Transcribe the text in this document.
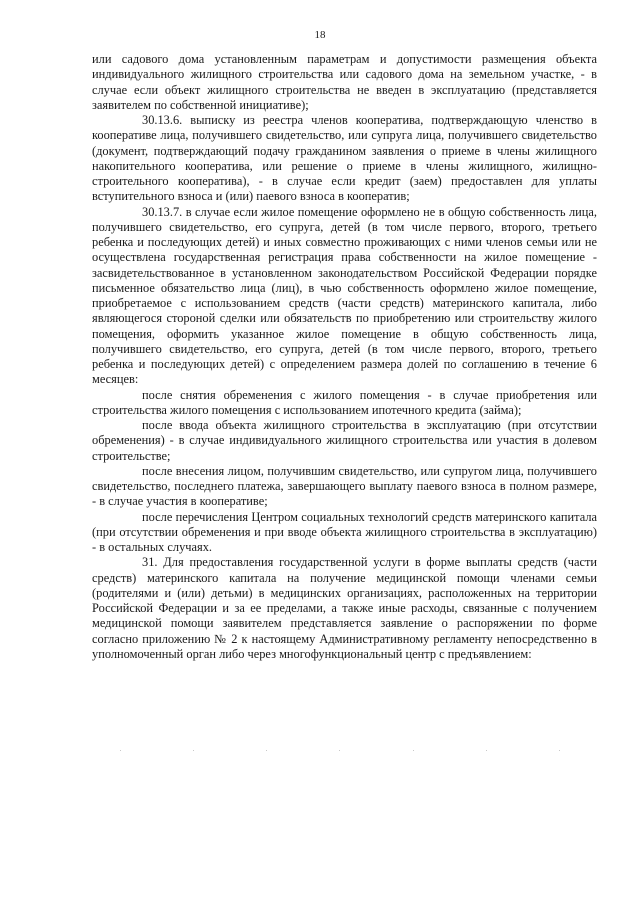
18

или садового дома установленным параметрам и допустимости размещения объекта индивидуального жилищного строительства или садового дома на земельном участке, - в случае если объект жилищного строительства не введен в эксплуатацию (представляется заявителем по собственной инициативе);

30.13.6. выписку из реестра членов кооператива, подтверждающую членство в кооперативе лица, получившего свидетельство, или супруга лица, получившего свидетельство (документ, подтверждающий подачу гражданином заявления о приеме в члены жилищного накопительного кооператива, или решение о приеме в члены жилищного, жилищно-строительного кооператива), - в случае если кредит (заем) предоставлен для уплаты вступительного взноса и (или) паевого взноса в кооператив;

30.13.7. в случае если жилое помещение оформлено не в общую собственность лица, получившего свидетельство, его супруга, детей (в том числе первого, второго, третьего ребенка и последующих детей) и иных совместно проживающих с ними членов семьи или не осуществлена государственная регистрация права собственности на жилое помещение - засвидетельствованное в установленном законодательством Российской Федерации порядке письменное обязательство лица (лиц), в чью собственность оформлено жилое помещение, приобретаемое с использованием средств (части средств) материнского капитала, либо являющегося стороной сделки или обязательств по приобретению или строительству жилого помещения, оформить указанное жилое помещение в общую собственность лица, получившего свидетельство, его супруга, детей (в том числе первого, второго, третьего ребенка и последующих детей) с определением размера долей по соглашению в течение 6 месяцев:

после снятия обременения с жилого помещения - в случае приобретения или строительства жилого помещения с использованием ипотечного кредита (займа);

после ввода объекта жилищного строительства в эксплуатацию (при отсутствии обременения) - в случае индивидуального жилищного строительства или участия в долевом строительстве;

после внесения лицом, получившим свидетельство, или супругом лица, получившего свидетельство, последнего платежа, завершающего выплату паевого взноса в полном размере, - в случае участия в кооперативе;

после перечисления Центром социальных технологий средств материнского капитала (при отсутствии обременения и при вводе объекта жилищного строительства в эксплуатацию) - в остальных случаях.

31. Для предоставления государственной услуги в форме выплаты средств (части средств) материнского капитала на получение медицинской помощи членами семьи (родителями и (или) детьми) в медицинских организациях, расположенных на территории Российской Федерации и за ее пределами, а также иные расходы, связанные с получением медицинской помощи заявителем представляется заявление о распоряжении по форме согласно приложению № 2 к настоящему Административному регламенту непосредственно в уполномоченный орган либо через многофункциональный центр с предъявлением:
